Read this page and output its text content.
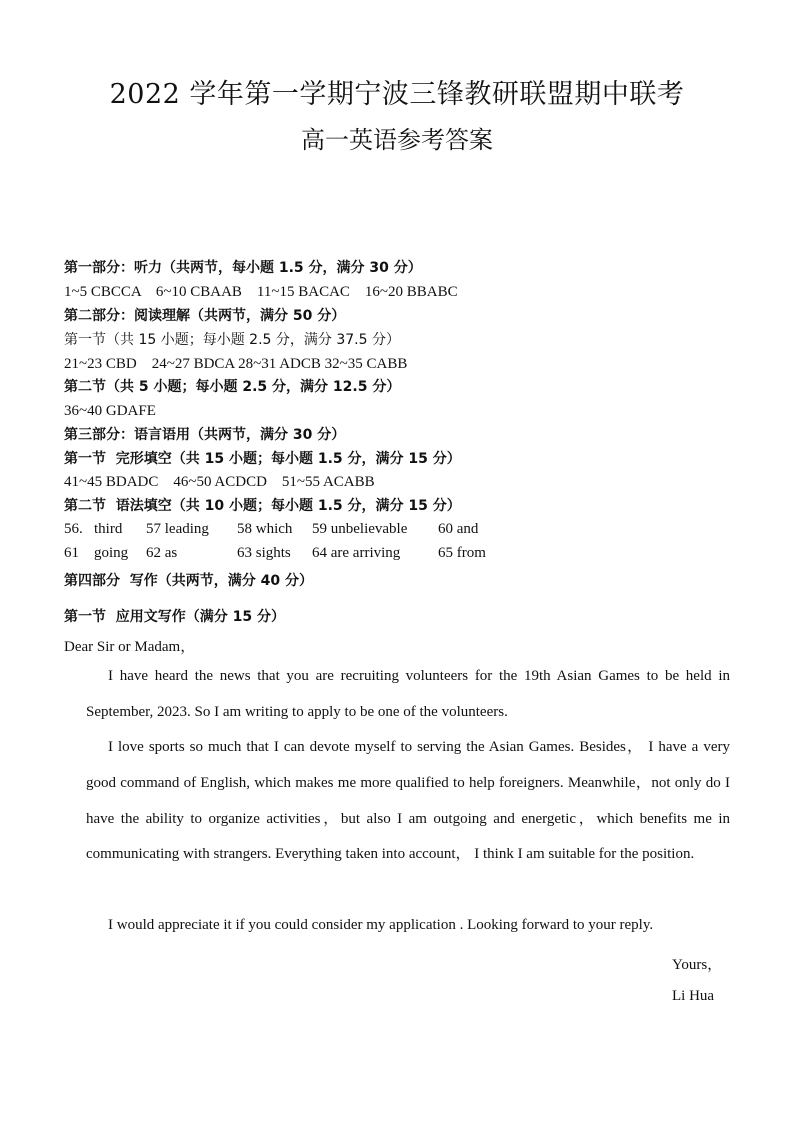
2022 学年第一学期宁波三锋教研联盟期中联考
高一英语参考答案
第一部分：听力（共两节，每小题 1.5 分，满分 30 分）
1~5 CBCCA    6~10 CBAAB    11~15 BACAC    16~20 BBABC
第二部分：阅读理解（共两节，满分 50 分）
第一节（共 15 小题；每小题 2.5 分，满分 37.5 分）
21~23 CBD    24~27 BDCA 28~31 ADCB 32~35 CABB
第二节（共 5 小题；每小题 2.5 分，满分 12.5 分）
36~40 GDAFE
第三部分：语言语用（共两节，满分 30 分）
第一节  完形填空（共 15 小题；每小题 1.5 分，满分 15 分）
41~45 BDADC    46~50 ACDCD    51~55 ACABB
第二节  语法填空（共 10 小题；每小题 1.5 分，满分 15 分）
56.   third 57 leading 58 which 59 unbelievable 60 and
61    going 62 as	63 sights 64 are arriving	65 from
第四部分  写作（共两节，满分 40 分）
第一节  应用文写作（满分 15 分）
Dear Sir or Madam，
I have heard the news that you are recruiting volunteers for the 19th Asian Games to be held in September, 2023. So I am writing to apply to be one of the volunteers.
I love sports so much that I can devote myself to serving the Asian Games. Besides， I have a very good command of English, which makes me more qualified to help foreigners. Meanwhile，not only do I have the ability to organize activities，but also I am outgoing and energetic，which benefits me in communicating with strangers. Everything taken into account， I think I am suitable for the position.
I would appreciate it if you could consider my application . Looking forward to your reply.
Yours，
Li Hua
